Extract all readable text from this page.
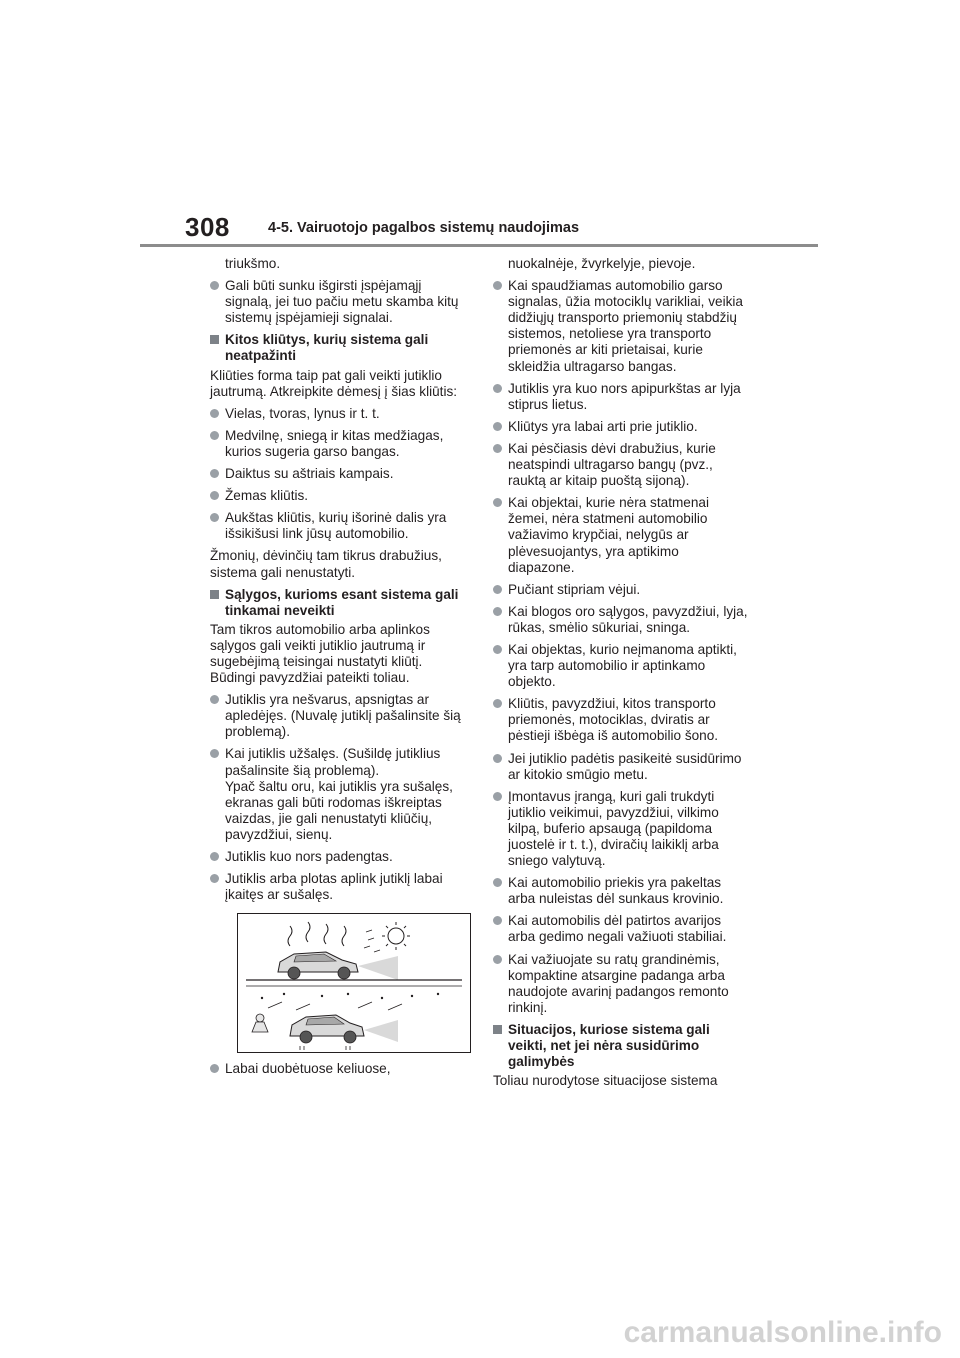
308	4-5. Vairuotojo pagalbos sistemų naudojimas

triukšmo.

Gali būti sunku išgirsti įspėjamąjį signalą, jei tuo pačiu metu skamba kitų sistemų įspėjamieji signalai.

Kitos kliūtys, kurių sistema gali neatpažinti

Kliūties forma taip pat gali veikti jutiklio jautrumą. Atkreipkite dėmesį į šias kliūtis:

Vielas, tvoras, lynus ir t. t.

Medvilnę, sniegą ir kitas medžiagas, kurios sugeria garso bangas.

Daiktus su aštriais kampais.

Žemas kliūtis.

Aukštas kliūtis, kurių išorinė dalis yra išsikišusi link jūsų automobilio.

Žmonių, dėvinčių tam tikrus drabužius, sistema gali nenustatyti.

Sąlygos, kurioms esant sistema gali tinkamai neveikti

Tam tikros automobilio arba aplinkos sąlygos gali veikti jutiklio jautrumą ir sugebėjimą teisingai nustatyti kliūtį. Būdingi pavyzdžiai pateikti toliau.

Jutiklis yra nešvarus, apsnigtas ar apledėjęs. (Nuvalę jutiklį pašalinsite šią problemą).

Kai jutiklis užšalęs. (Sušildę jutiklius pašalinsite šią problemą).
Ypač šaltu oru, kai jutiklis yra sušalęs, ekranas gali būti rodomas iškreiptas vaizdas, jie gali nenustatyti kliūčių, pavyzdžiui, sienų.

Jutiklis kuo nors padengtas.

Jutiklis arba plotas aplink jutiklį labai įkaitęs ar sušalęs.

Labai duobėtuose keliuose,

nuokalnėje, žvyrkelyje, pievoje.

Kai spaudžiamas automobilio garso signalas, ūžia motociklų varikliai, veikia didžiųjų transporto priemonių stabdžių sistemos, netoliese yra transporto priemonės ar kiti prietaisai, kurie skleidžia ultragarso bangas.

Jutiklis yra kuo nors apipurkštas ar lyja stiprus lietus.

Kliūtys yra labai arti prie jutiklio.

Kai pėsčiasis dėvi drabužius, kurie neatspindi ultragarso bangų (pvz., rauktą ar kitaip puoštą sijoną).

Kai objektai, kurie nėra statmenai žemei, nėra statmeni automobilio važiavimo krypčiai, nelygūs ar plėvesuojantys, yra aptikimo diapazone.

Pučiant stipriam vėjui.

Kai blogos oro sąlygos, pavyzdžiui, lyja, rūkas, smėlio sūkuriai, sninga.

Kai objektas, kurio neįmanoma aptikti, yra tarp automobilio ir aptinkamo objekto.

Kliūtis, pavyzdžiui, kitos transporto priemonės, motociklas, dviratis ar pėstieji išbėga iš automobilio šono.

Jei jutiklio padėtis pasikeitė susidūrimo ar kitokio smūgio metu.

Įmontavus įrangą, kuri gali trukdyti jutiklio veikimui, pavyzdžiui, vilkimo kilpą, buferio apsaugą (papildoma juostelė ir t. t.), dviračių laikiklį arba sniego valytuvą.

Kai automobilio priekis yra pakeltas arba nuleistas dėl sunkaus krovinio.

Kai automobilis dėl patirtos avarijos arba gedimo negali važiuoti stabiliai.

Kai važiuojate su ratų grandinėmis, kompaktine atsargine padanga arba naudojote avarinį padangos remonto rinkinį.

Situacijos, kuriose sistema gali veikti, net jei nėra susidūrimo galimybės

Toliau nurodytose situacijose sistema

carmanualsonline.info
